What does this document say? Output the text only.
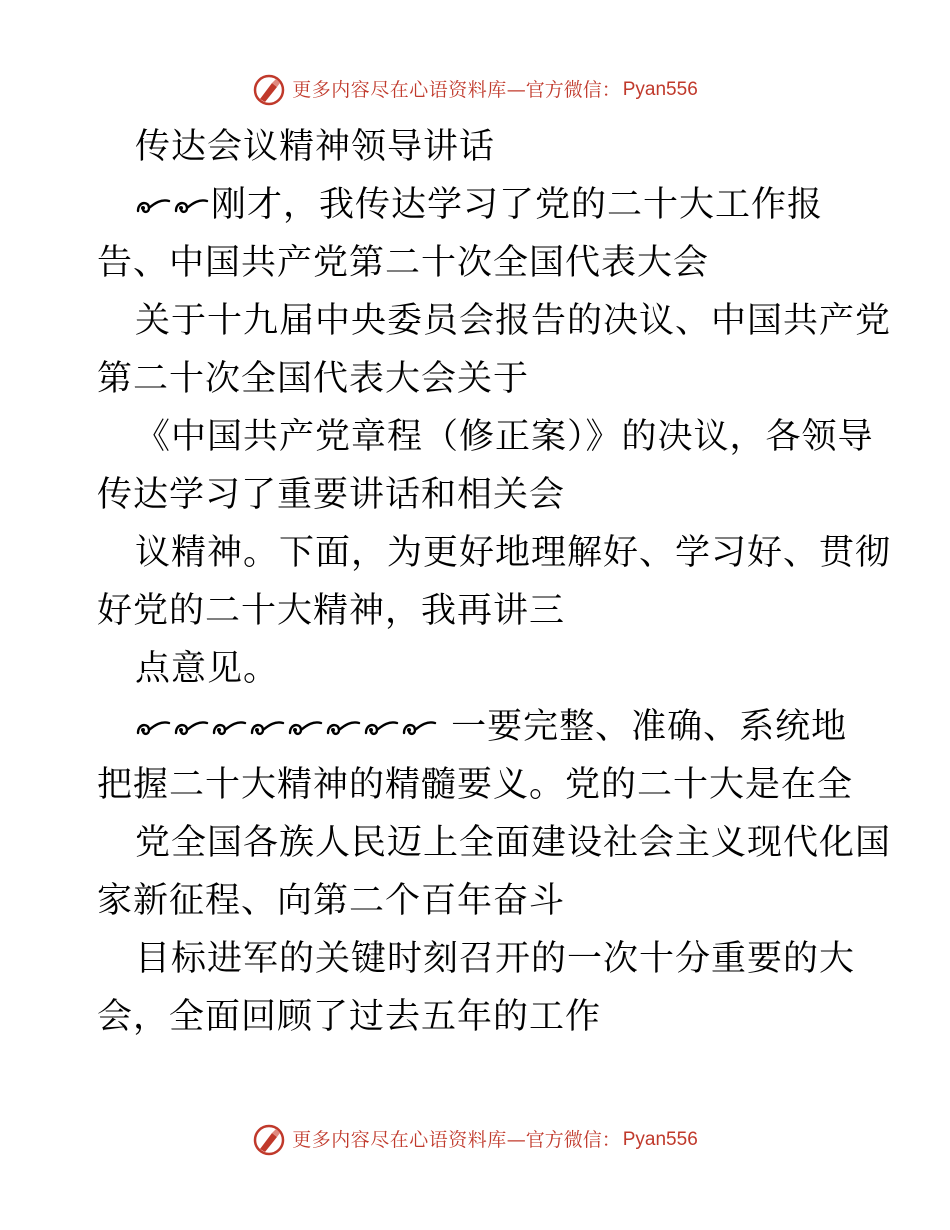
更多内容尽在心语资料库 — 官方微信： Pyan556
传达会议精神领导讲话
刚才，我传达学习了党的二十大工作报
告、中国共产党第二十次全国代表大会
关于十九届中央委员会报告的决议、中国共产党
第二十次全国代表大会关于
《中国共产党章程（修正案）》的决议，各领导
传达学习了重要讲话和相关会
议精神。下面，为更好地理解好、学习好、贯彻
好党的二十大精神，我再讲三
点意见。
一要完整、准确、系统地
把握二十大精神的精髓要义。党的二十大是在全
党全国各族人民迈上全面建设社会主义现代化国
家新征程、向第二个百年奋斗
目标进军的关键时刻召开的一次十分重要的大
会，全面回顾了过去五年的工作
更多内容尽在心语资料库 — 官方微信： Pyan556
